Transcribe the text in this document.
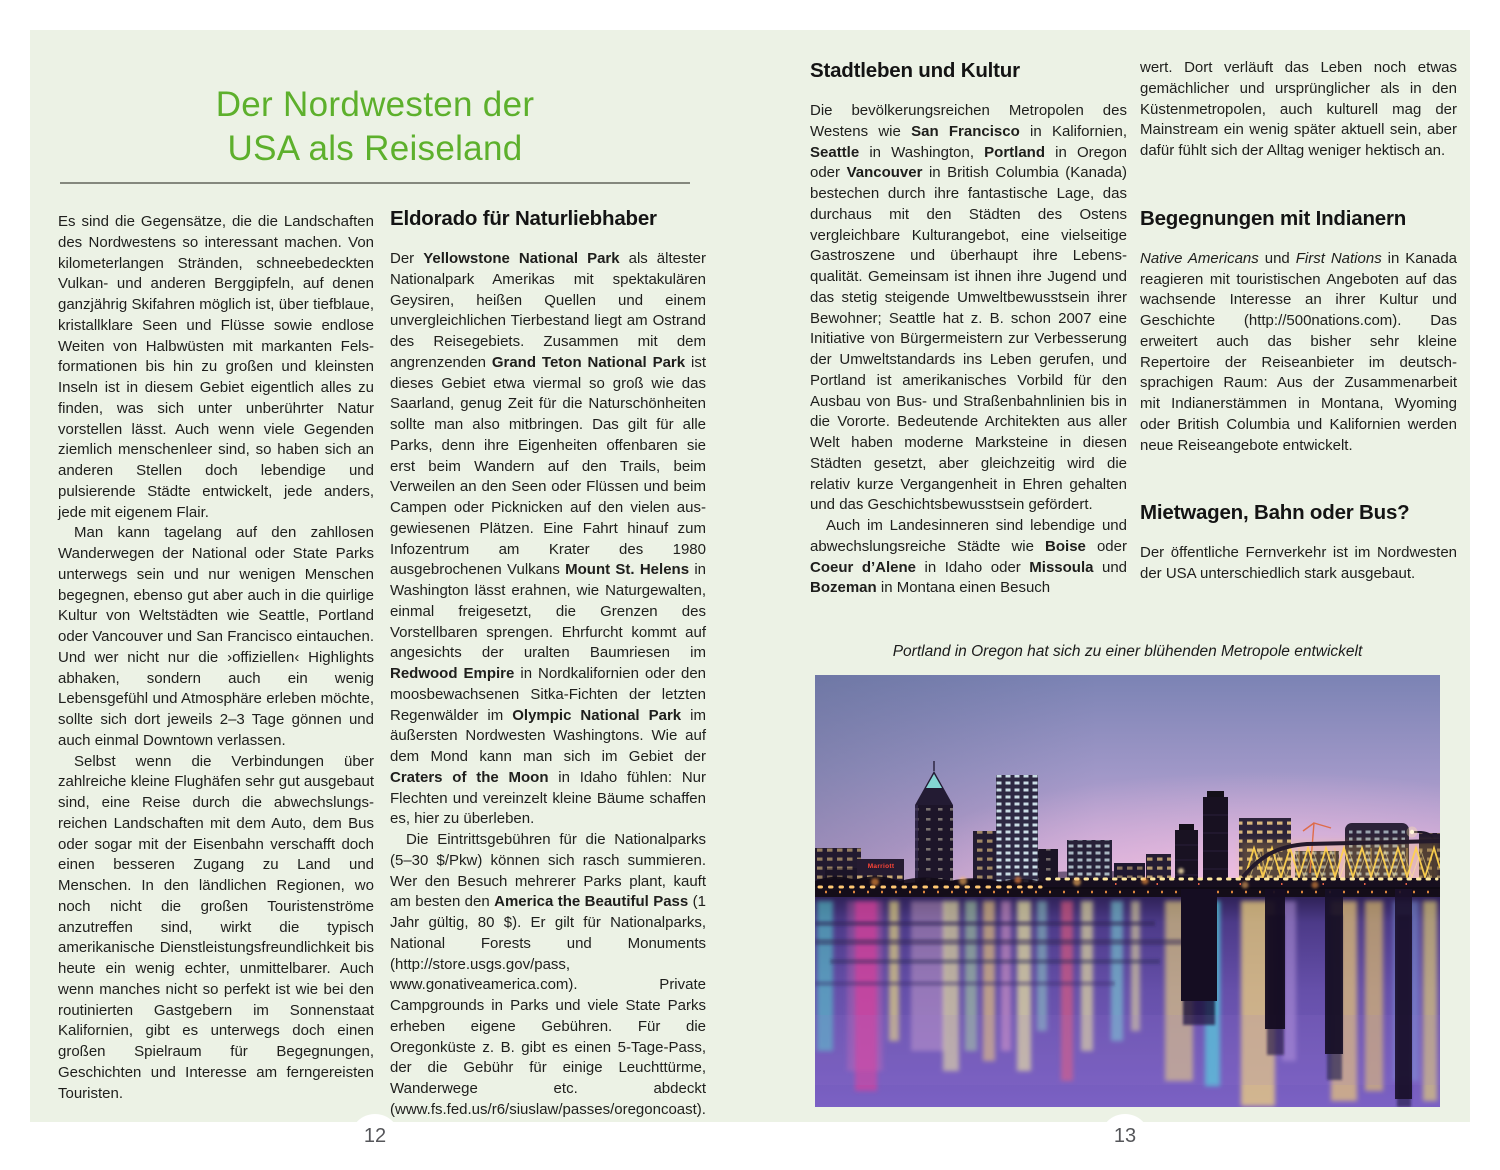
Der Nordwesten der
USA als Reiseland

Es sind die Gegensätze, die die Landschaften des Nordwestens so interessant machen. Von kilometerlangen Stränden, schneebedeckten Vulkan- und anderen Berggipfeln, auf denen ganzjährig Skifahren möglich ist, über tiefblaue, kristallklare Seen und Flüsse sowie endlose Weiten von Halbwüsten mit markanten Felsformationen bis hin zu großen und kleinsten Inseln ist in diesem Gebiet eigentlich alles zu finden, was sich unter unberührter Natur vorstellen lässt. Auch wenn viele Gegenden ziemlich menschenleer sind, so haben sich an anderen Stellen doch lebendige und pulsierende Städte entwickelt, jede anders, jede mit eigenem Flair.

Man kann tagelang auf den zahllosen Wanderwegen der National oder State Parks unterwegs sein und nur wenigen Menschen begegnen, ebenso gut aber auch in die quirlige Kultur von Weltstädten wie Seattle, Portland oder Vancouver und San Francisco eintauchen. Und wer nicht nur die ›offiziellen‹ Highlights abhaken, sondern auch ein wenig Lebensgefühl und Atmosphäre erleben möchte, sollte sich dort jeweils 2–3 Tage gönnen und auch einmal Downtown verlassen.

Selbst wenn die Verbindungen über zahlreiche kleine Flughäfen sehr gut ausgebaut sind, eine Reise durch die abwechslungsreichen Landschaften mit dem Auto, dem Bus oder sogar mit der Eisenbahn verschafft doch einen besseren Zugang zu Land und Menschen. In den ländlichen Regionen, wo noch nicht die großen Touristenströme anzutreffen sind, wirkt die typisch amerikanische Dienstleistungsfreundlichkeit bis heute ein wenig echter, unmittelbarer. Auch wenn manches nicht so perfekt ist wie bei den routinierten Gastgebern im Sonnenstaat Kalifornien, gibt es unterwegs doch einen großen Spielraum für Begegnungen, Geschichten und Interesse am ferngereisten Touristen.

Eldorado für Naturliebhaber

Der Yellowstone National Park als ältester Nationalpark Amerikas mit spektakulären Geysiren, heißen Quellen und einem unvergleichlichen Tierbestand liegt am Ostrand des Reisegebiets. Zusammen mit dem angrenzenden Grand Teton National Park ist dieses Gebiet etwa viermal so groß wie das Saarland, genug Zeit für die Naturschönheiten sollte man also mitbringen. Das gilt für alle Parks, denn ihre Eigenheiten offenbaren sie erst beim Wandern auf den Trails, beim Verweilen an den Seen oder Flüssen und beim Campen oder Picknicken auf den vielen ausgewiesenen Plätzen. Eine Fahrt hinauf zum Infozentrum am Krater des 1980 ausgebrochenen Vulkans Mount St. Helens in Washington lässt erahnen, wie Naturgewalten, einmal freigesetzt, die Grenzen des Vorstellbaren sprengen. Ehrfurcht kommt auf angesichts der uralten Baumriesen im Redwood Empire in Nordkalifornien oder den moosbewachsenen Sitka-Fichten der letzten Regenwälder im Olympic National Park im äußersten Nordwesten Washingtons. Wie auf dem Mond kann man sich im Gebiet der Craters of the Moon in Idaho fühlen: Nur Flechten und vereinzelt kleine Bäume schaffen es, hier zu überleben.

Die Eintrittsgebühren für die Nationalparks (5–30 $/Pkw) können sich rasch summieren. Wer den Besuch mehrerer Parks plant, kauft am besten den America the Beautiful Pass (1 Jahr gültig, 80 $). Er gilt für Nationalparks, National Forests und Monuments (http://store.usgs.gov/pass, www.gonativeamerica.com). Private Campgrounds in Parks und viele State Parks erheben eigene Gebühren. Für die Oregonküste z. B. gibt es einen 5-Tage-Pass, der die Gebühr für einige Leuchttürme, Wanderwege etc. abdeckt (www.fs.fed.us/r6/siuslaw/passes/oregoncoast).

Stadtleben und Kultur

Die bevölkerungsreichen Metropolen des Westens wie San Francisco in Kalifornien, Seattle in Washington, Portland in Oregon oder Vancouver in British Columbia (Kanada) bestechen durch ihre fantastische Lage, das durchaus mit den Städten des Ostens vergleichbare Kulturangebot, eine vielseitige Gastroszene und überhaupt ihre Lebensqualität. Gemeinsam ist ihnen ihre Jugend und das stetig steigende Umweltbewusstsein ihrer Bewohner; Seattle hat z. B. schon 2007 eine Initiative von Bürgermeistern zur Verbesserung der Umweltstandards ins Leben gerufen, und Portland ist amerikanisches Vorbild für den Ausbau von Bus- und Straßenbahnlinien bis in die Vororte. Bedeutende Architekten aus aller Welt haben moderne Marksteine in diesen Städten gesetzt, aber gleichzeitig wird die relativ kurze Vergangenheit in Ehren gehalten und das Geschichtsbewusstsein gefördert.

Auch im Landesinneren sind lebendige und abwechslungsreiche Städte wie Boise oder Coeur d’Alene in Idaho oder Missoula und Bozeman in Montana einen Besuch

wert. Dort verläuft das Leben noch etwas gemächlicher und ursprünglicher als in den Küstenmetropolen, auch kulturell mag der Mainstream ein wenig später aktuell sein, aber dafür fühlt sich der Alltag weniger hektisch an.

Begegnungen mit Indianern

Native Americans und First Nations in Kanada reagieren mit touristischen Angeboten auf das wachsende Interesse an ihrer Kultur und Geschichte (http://500nations.com). Das erweitert auch das bisher sehr kleine Repertoire der Reiseanbieter im deutschsprachigen Raum: Aus der Zusammenarbeit mit Indianerstämmen in Montana, Wyoming oder British Columbia und Kalifornien werden neue Reiseangebote entwickelt.

Mietwagen, Bahn oder Bus?

Der öffentliche Fernverkehr ist im Nordwesten der USA unterschiedlich stark ausgebaut.

Portland in Oregon hat sich zu einer blühenden Metropole entwickelt
Marriott
12	13
